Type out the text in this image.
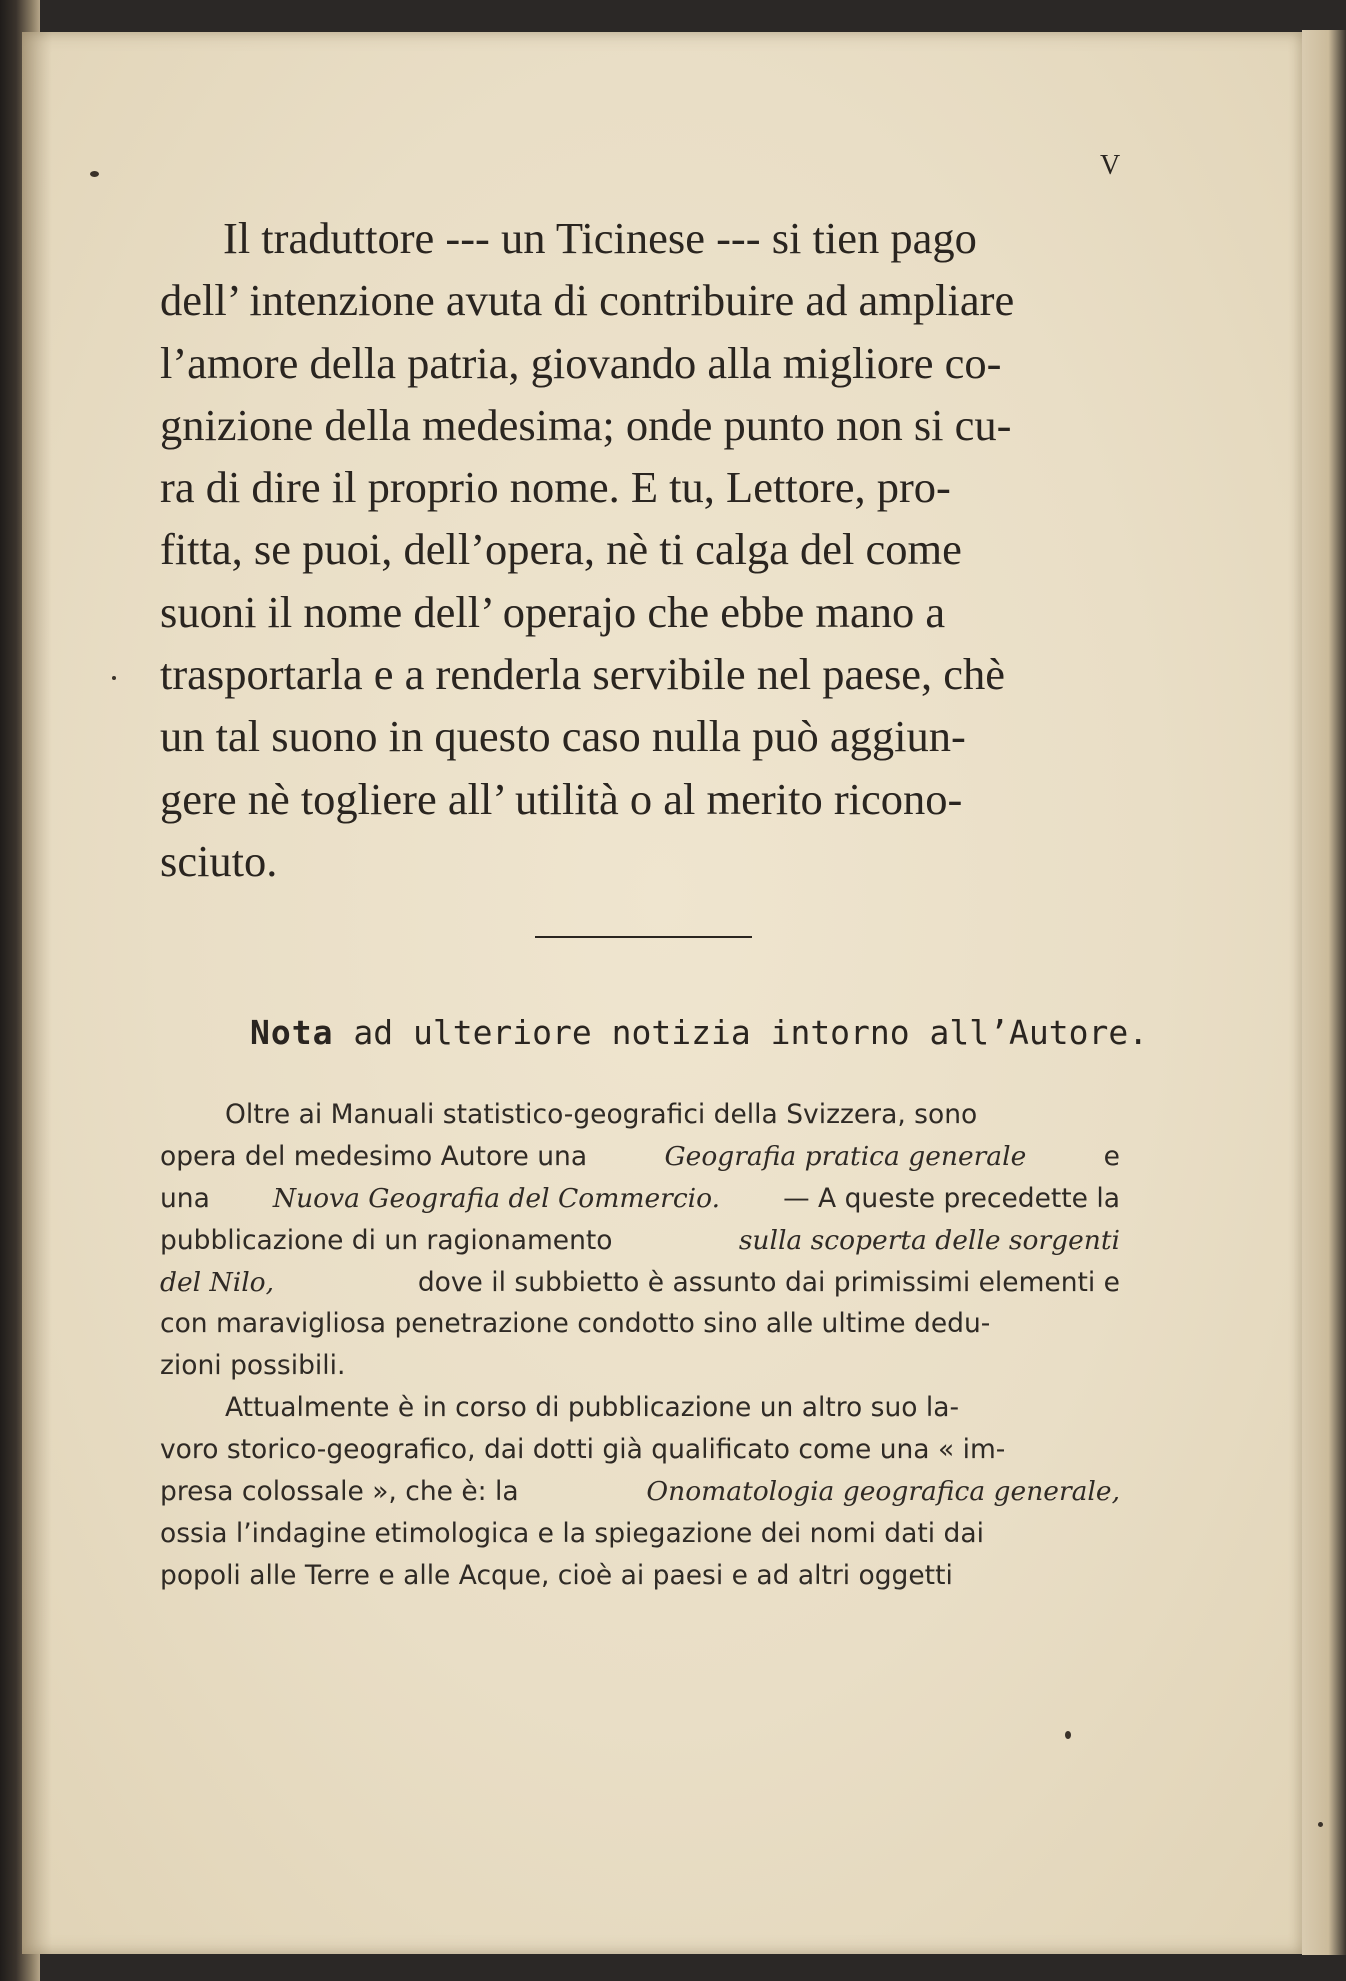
V
Il traduttore --- un Ticinese --- si tien pago
dell’ intenzione avuta di contribuire ad ampliare
l’amore della patria, giovando alla migliore co-
gnizione della medesima; onde punto non si cu-
ra di dire il proprio nome. E tu, Lettore, pro-
fitta, se puoi, dell’opera, nè ti calga del come
suoni il nome dell’ operajo che ebbe mano a
trasportarla e a renderla servibile nel paese, chè
un tal suono in questo caso nulla può aggiun-
gere nè togliere all’ utilità o al merito ricono-
sciuto.
Nota ad ulteriore notizia intorno all’Autore.
Oltre ai Manuali statistico-geografici della Svizzera, sono
opera del medesimo Autore una	Geografia pratica generale	e
una Nuova Geografia del Commercio. — A queste precedette la
pubblicazione di un ragionamento	sulla scoperta delle sorgenti
del Nilo,	dove il subbietto è assunto dai primissimi elementi e
con maravigliosa penetrazione condotto sino alle ultime dedu-
zioni possibili.
Attualmente è in corso di pubblicazione un altro suo la-
voro storico-geografico, dai dotti già qualificato come una « im-
presa colossale », che è: la	Onomatologia geografica generale,
ossia l’indagine etimologica e la spiegazione dei nomi dati dai
popoli alle Terre e alle Acque, cioè ai paesi e ad altri oggetti
